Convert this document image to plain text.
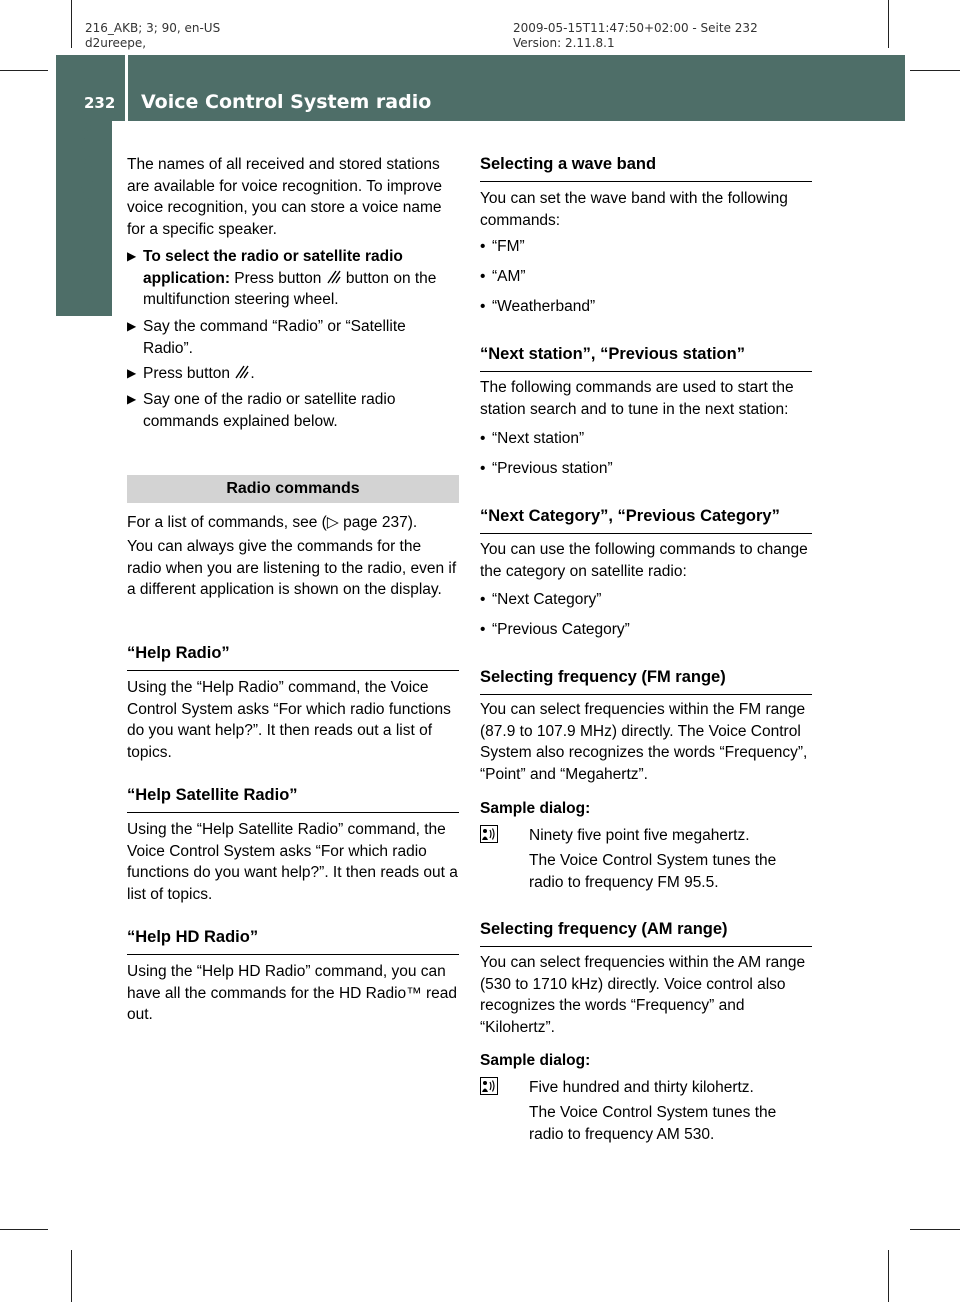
216_AKB; 3; 90, en-US
d2ureepe,
2009-05-15T11:47:50+02:00 - Seite 232
Version: 2.11.8.1
232 Voice Control System radio
Control systems The names of all received and stored stations are available for voice recognition. To improve voice recognition, you can store a voice name for a specific speaker.

▶ To select the radio or satellite radio application: Press button  button on the multifunction steering wheel.
▶ Say the command “Radio” or “Satellite Radio”.
▶ Press button .
▶ Say one of the radio or satellite radio commands explained below.
Radio commands

For a list of commands, see (▷ page 237).

You can always give the commands for the radio when you are listening to the radio, even if a different application is shown on the display.

“Help Radio”

Using the “Help Radio” command, the Voice Control System asks “For which radio functions do you want help?”. It then reads out a list of topics.

“Help Satellite Radio”

Using the “Help Satellite Radio” command, the Voice Control System asks “For which radio functions do you want help?”. It then reads out a list of topics.

“Help HD Radio”

Using the “Help HD Radio” command, you can have all the commands for the HD Radio™ read out.

Selecting a wave band

You can set the wave band with the following commands:

• “FM”
• “AM”
• “Weatherband”
“Next station”, “Previous station”

The following commands are used to start the station search and to tune in the next station:

• “Next station”
• “Previous station”
“Next Category”, “Previous Category”

You can use the following commands to change the category on satellite radio:

• “Next Category”
• “Previous Category”
Selecting frequency (FM range)

You can select frequencies within the FM range (87.9 to 107.9 MHz) directly. The Voice Control System also recognizes the words “Frequency”, “Point” and “Megahertz”.

Sample dialog:

Ninety five point five megahertz.

The Voice Control System tunes the radio to frequency FM 95.5.

Selecting frequency (AM range)

You can select frequencies within the AM range (530 to 1710 kHz) directly. Voice control also recognizes the words “Frequency” and “Kilohertz”.

Sample dialog:

Five hundred and thirty kilohertz.

The Voice Control System tunes the radio to frequency AM 530.
